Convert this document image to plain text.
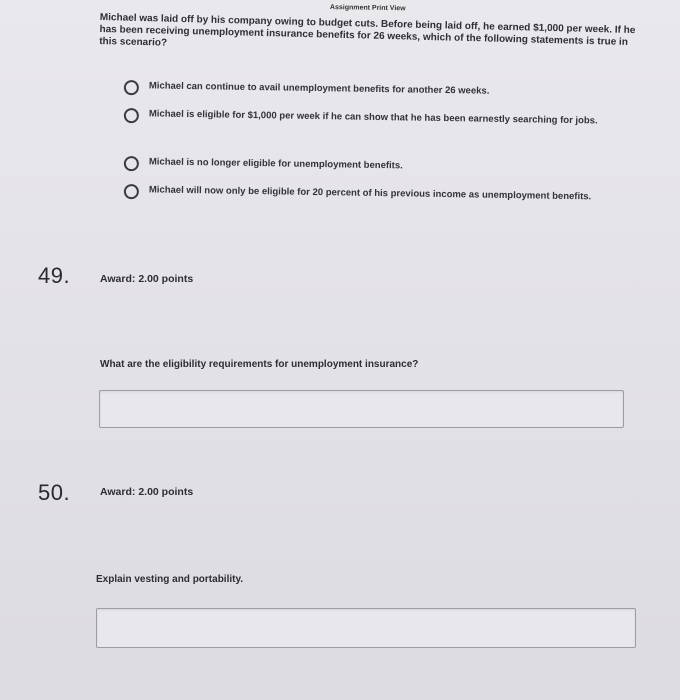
Assignment Print View
Michael was laid off by his company owing to budget cuts. Before being laid off, he earned $1,000 per week. If he has been receiving unemployment insurance benefits for 26 weeks, which of the following statements is true in this scenario?
Michael can continue to avail unemployment benefits for another 26 weeks.
Michael is eligible for $1,000 per week if he can show that he has been earnestly searching for jobs.
Michael is no longer eligible for unemployment benefits.
Michael will now only be eligible for 20 percent of his previous income as unemployment benefits.
49.	Award: 2.00 points
What are the eligibility requirements for unemployment insurance?
50.	Award: 2.00 points
Explain vesting and portability.
